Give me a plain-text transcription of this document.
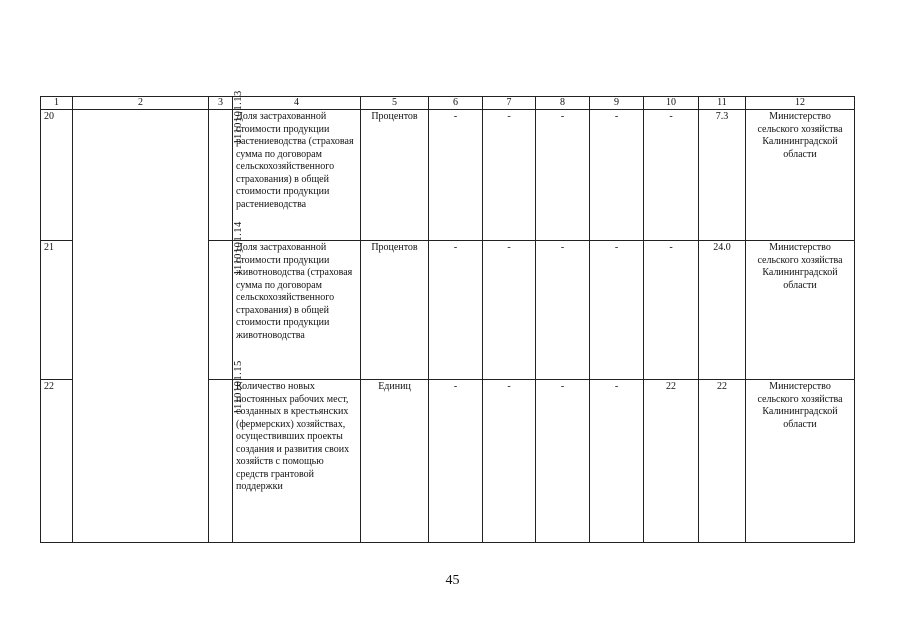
1	2	3	4	5	6	7	8	9	10	11	12
20		1110101.13	Доля застрахованной стоимости продукции растениеводства (страховая сумма по договорам сельскохозяйственного страхования) в общей стоимости продукции растениеводства	Процентов	-	-	-	-	-	7.3	Министерство сельского хозяйства Калининградской области
21		1110101.14	Доля застрахованной стоимости продукции животноводства (страховая сумма по договорам сельскохозяйственного страхования) в общей стоимости продукции животноводства	Процентов	-	-	-	-	-	24.0	Министерство сельского хозяйства Калининградской области
22		1110101.15	Количество новых постоянных рабочих мест, созданных в крестьянских (фермерских) хозяйствах, осуществивших проекты создания и развития своих хозяйств с помощью средств грантовой поддержки	Единиц	-	-	-	-	22	22	Министерство сельского хозяйства Калининградской области
45
